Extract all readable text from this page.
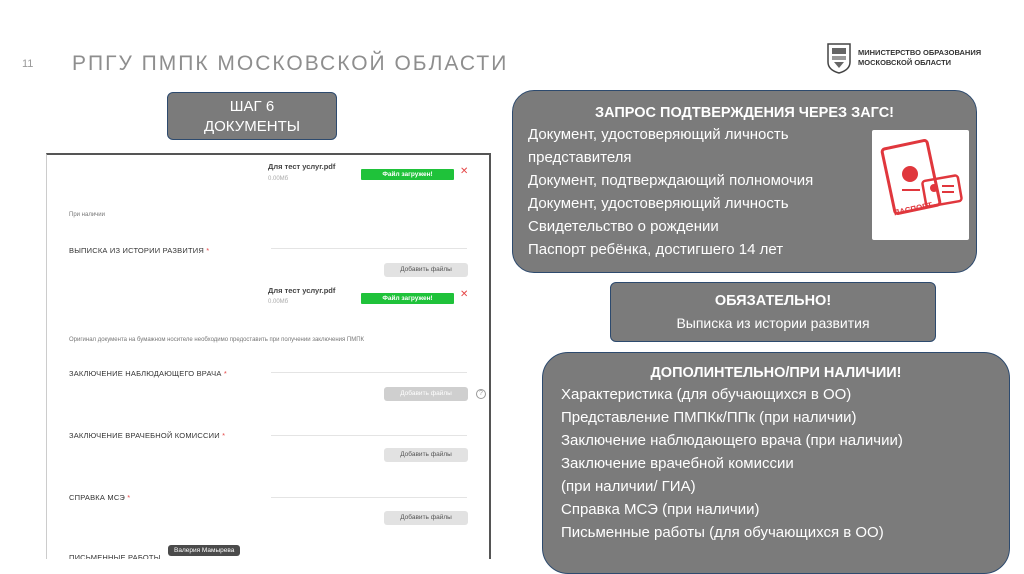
11 РПГУ ПМПК МОСКОВСКОЙ ОБЛАСТИ	МИНИСТЕРСТВО ОБРАЗОВАНИЯ
МОСКОВСКОЙ ОБЛАСТИ
ШАГ 6
ДОКУМЕНТЫ
Для тест услуг.pdf
0.00Mб
Файл загружен!	✕
При наличии
ВЫПИСКА ИЗ ИСТОРИИ РАЗВИТИЯ *
Добавить файлы
Для тест услуг.pdf
0.00Mб	Файл загружен!	✕
Оригинал документа на бумажном носителе необходимо предоставить при получении заключения ПМПК
ЗАКЛЮЧЕНИЕ НАБЛЮДАЮЩЕГО ВРАЧА *
Добавить файлы	?
ЗАКЛЮЧЕНИЕ ВРАЧЕБНОЙ КОМИССИИ *
Добавить файлы
СПРАВКА МСЭ *
Добавить файлы
ПИСЬМЕННЫЕ РАБОТЫ
Валерия Мамырева
ЗАПРОС ПОДТВЕРЖДЕНИЯ ЧЕРЕЗ ЗАГС!
Документ, удостоверяющий личность
представителя
Документ, подтверждающий полномочия
Документ, удостоверяющий личность
Свидетельство о рождении
Паспорт ребёнка, достигшего 14 лет
ПАСПОРТ
ОБЯЗАТЕЛЬНО!
Выписка из истории развития
ДОПОЛИНТЕЛЬНО/ПРИ НАЛИЧИИ!
Характеристика (для обучающихся в ОО)
Представление ПМПКк/ППк (при наличии)
Заключение наблюдающего врача (при наличии)
Заключение врачебной комиссии
(при наличии/ ГИА)
Справка МСЭ (при наличии)
Письменные работы (для обучающихся в ОО)
